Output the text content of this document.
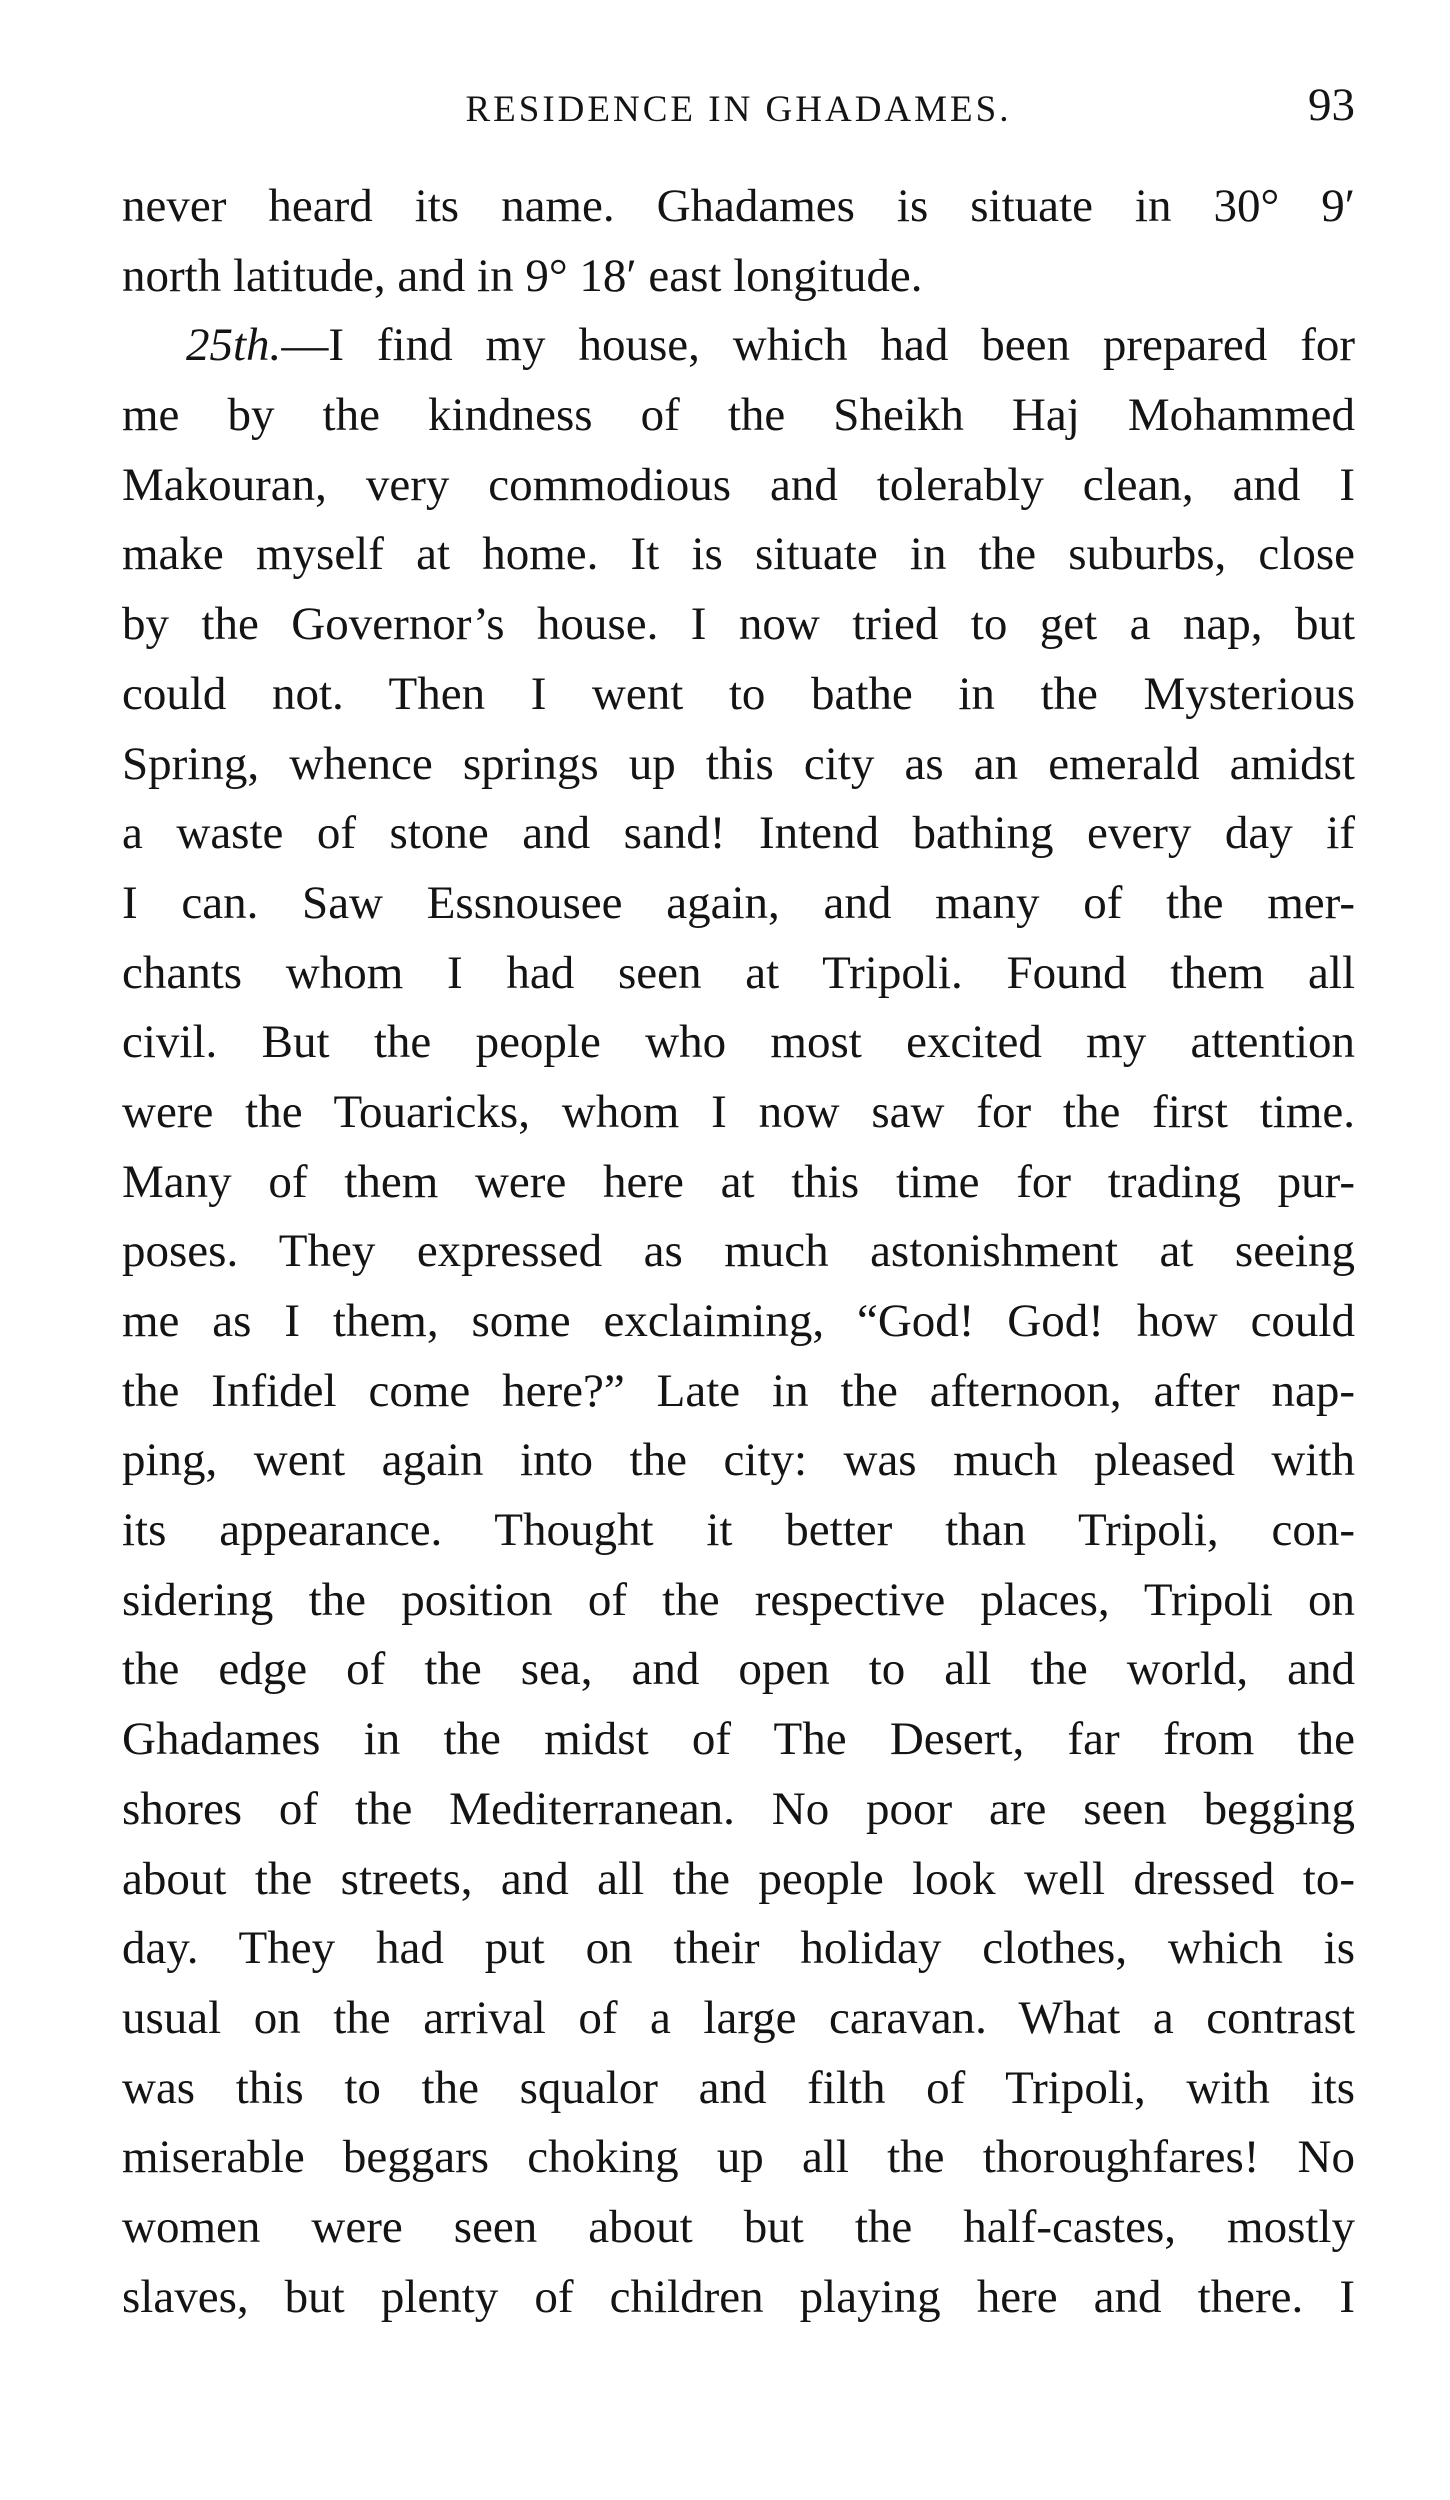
RESIDENCE IN GHADAMES.	93
never heard its name. Ghadames is situate in 30° 9′
north latitude, and in 9° 18′ east longitude.
25th.—I find my house, which had been prepared for
me by the kindness of the Sheikh Haj Mohammed
Makouran, very commodious and tolerably clean, and I
make myself at home. It is situate in the suburbs, close
by the Governor’s house. I now tried to get a nap, but
could not. Then I went to bathe in the Mysterious
Spring, whence springs up this city as an emerald amidst
a waste of stone and sand! Intend bathing every day if
I can. Saw Essnousee again, and many of the mer-
chants whom I had seen at Tripoli. Found them all
civil. But the people who most excited my attention
were the Touaricks, whom I now saw for the first time.
Many of them were here at this time for trading pur-
poses. They expressed as much astonishment at seeing
me as I them, some exclaiming, “God! God! how could
the Infidel come here?” Late in the afternoon, after nap-
ping, went again into the city: was much pleased with
its appearance. Thought it better than Tripoli, con-
sidering the position of the respective places, Tripoli on
the edge of the sea, and open to all the world, and
Ghadames in the midst of The Desert, far from the
shores of the Mediterranean. No poor are seen begging
about the streets, and all the people look well dressed to-
day. They had put on their holiday clothes, which is
usual on the arrival of a large caravan. What a contrast
was this to the squalor and filth of Tripoli, with its
miserable beggars choking up all the thoroughfares! No
women were seen about but the half-castes, mostly
slaves, but plenty of children playing here and there. I
